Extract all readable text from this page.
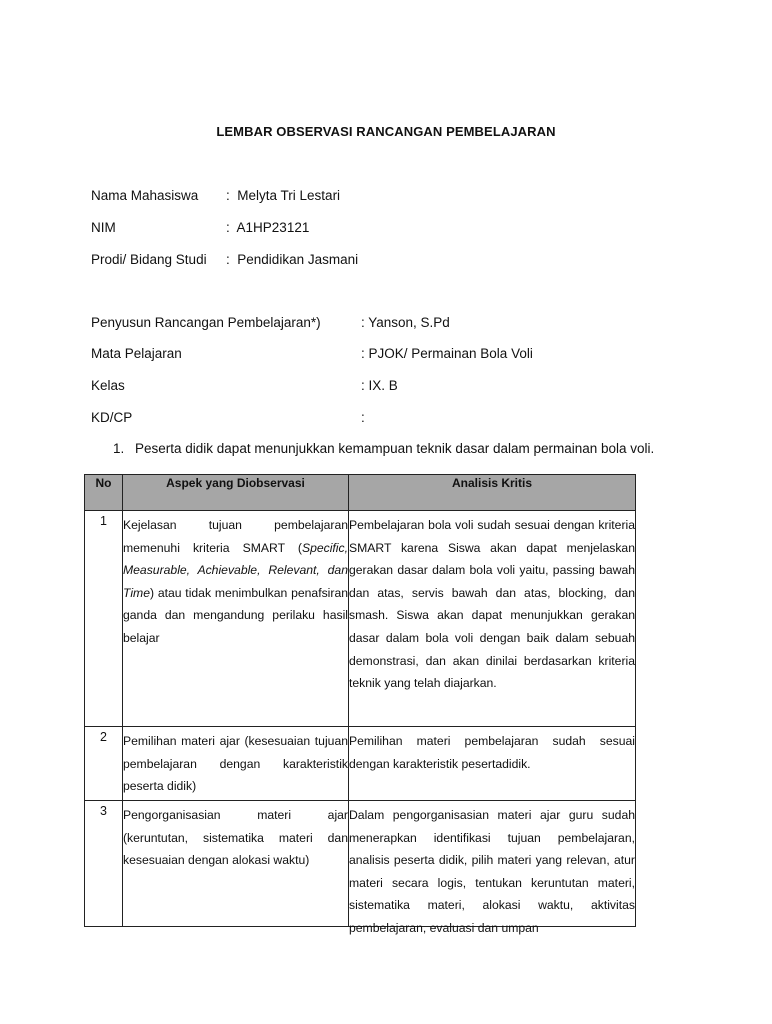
LEMBAR OBSERVASI RANCANGAN PEMBELAJARAN
Nama Mahasiswa : Melyta Tri Lestari
NIM	: A1HP23121
Prodi/ Bidang Studi : Pendidikan Jasmani
Penyusun Rancangan Pembelajaran*)	: Yanson, S.Pd
Mata Pelajaran	: PJOK/ Permainan Bola Voli
Kelas	: IX. B
KD/CP	:
1. Peserta didik dapat menunjukkan kemampuan teknik dasar dalam permainan bola voli.
No	Aspek yang Diobservasi	Analisis Kritis
1	Kejelasan tujuan pembelajaran memenuhi kriteria SMART (Specific, Measurable, Achievable, Relevant, dan Time) atau tidak menimbulkan penafsiran ganda dan mengandung perilaku hasil belajar	Pembelajaran bola voli sudah sesuai dengan kriteria SMART karena Siswa akan dapat menjelaskan gerakan dasar dalam bola voli yaitu, passing bawah dan atas, servis bawah dan atas, blocking, dan smash. Siswa akan dapat menunjukkan gerakan dasar dalam bola voli dengan baik dalam sebuah demonstrasi, dan akan dinilai berdasarkan kriteria teknik yang telah diajarkan.

2	Pemilihan materi ajar (kesesuaian tujuan pembelajaran dengan karakteristik peserta didik)	Pemilihan materi pembelajaran sudah sesuai dengan karakteristik pesertadidik.

3	Pengorganisasian materi ajar (keruntutan, sistematika materi dan kesesuaian dengan alokasi waktu)	Dalam pengorganisasian materi ajar guru sudah menerapkan identifikasi tujuan pembelajaran, analisis peserta didik, pilih materi yang relevan, atur materi secara logis, tentukan keruntutan materi, sistematika materi, alokasi waktu, aktivitas pembelajaran, evaluasi dan umpan
